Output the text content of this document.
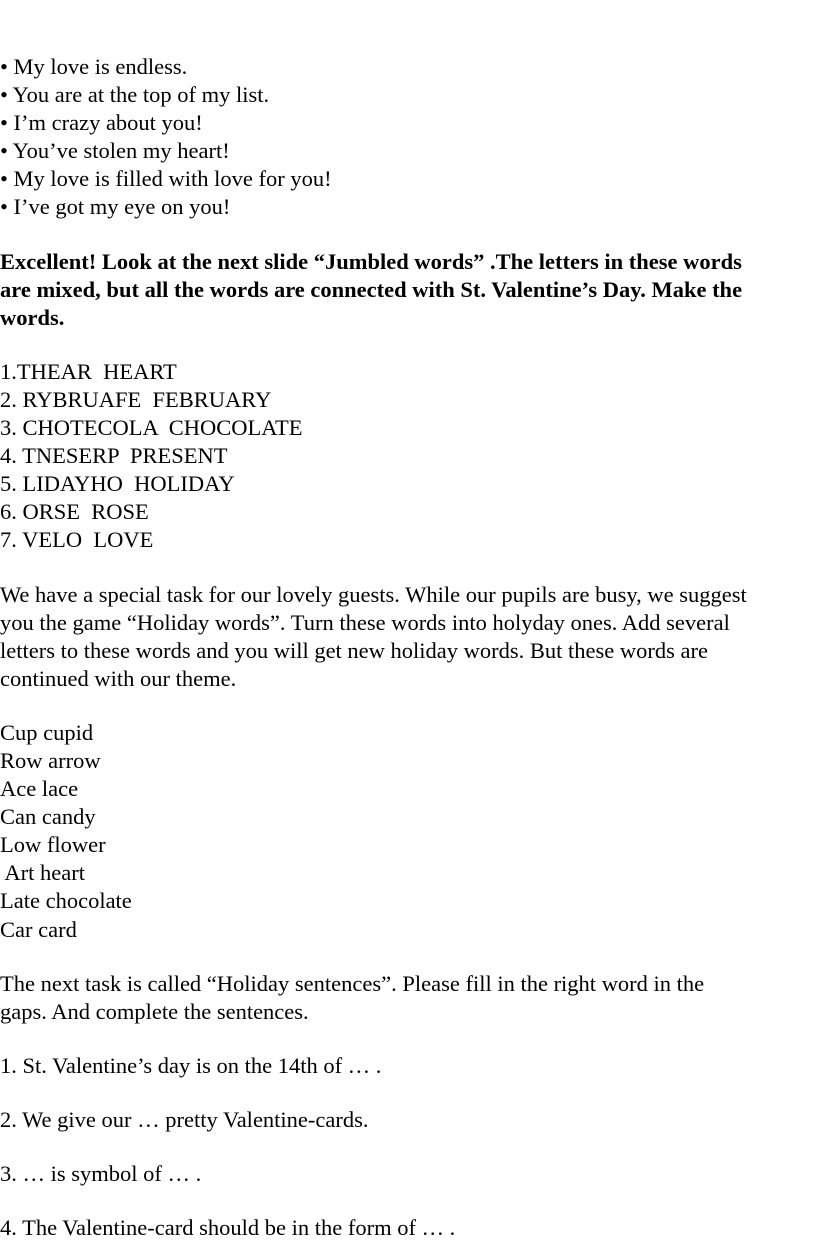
• My love is endless.
• You are at the top of my list.
• I’m crazy about you!
• You’ve stolen my heart!
• My love is filled with love for you!
• I’ve got my eye on you!
Excellent! Look at the next slide “Jumbled words” .The letters in these words
are mixed, but all the words are connected with St. Valentine’s Day. Make the
words.
1.THEAR  HEART
2. RYBRUAFE  FEBRUARY
3. CHOTECOLA  CHOCOLATE
4. TNESERP  PRESENT
5. LIDAYHO  HOLIDAY
6. ORSE  ROSE
7. VELO  LOVE
We have a special task for our lovely guests. While our pupils are busy, we suggest
you the game “Holiday words”. Turn these words into holyday ones. Add several
letters to these words and you will get new holiday words. But these words are
continued with our theme.
Cup cupid
Row arrow
Ace lace
Can candy
Low flower
Art heart
Late chocolate
Car card
The next task is called “Holiday sentences”. Please fill in the right word in the
gaps. And complete the sentences.
1. St. Valentine’s day is on the 14th of … .
2. We give our … pretty Valentine-cards.
3. … is symbol of … .
4. The Valentine-card should be in the form of … .
